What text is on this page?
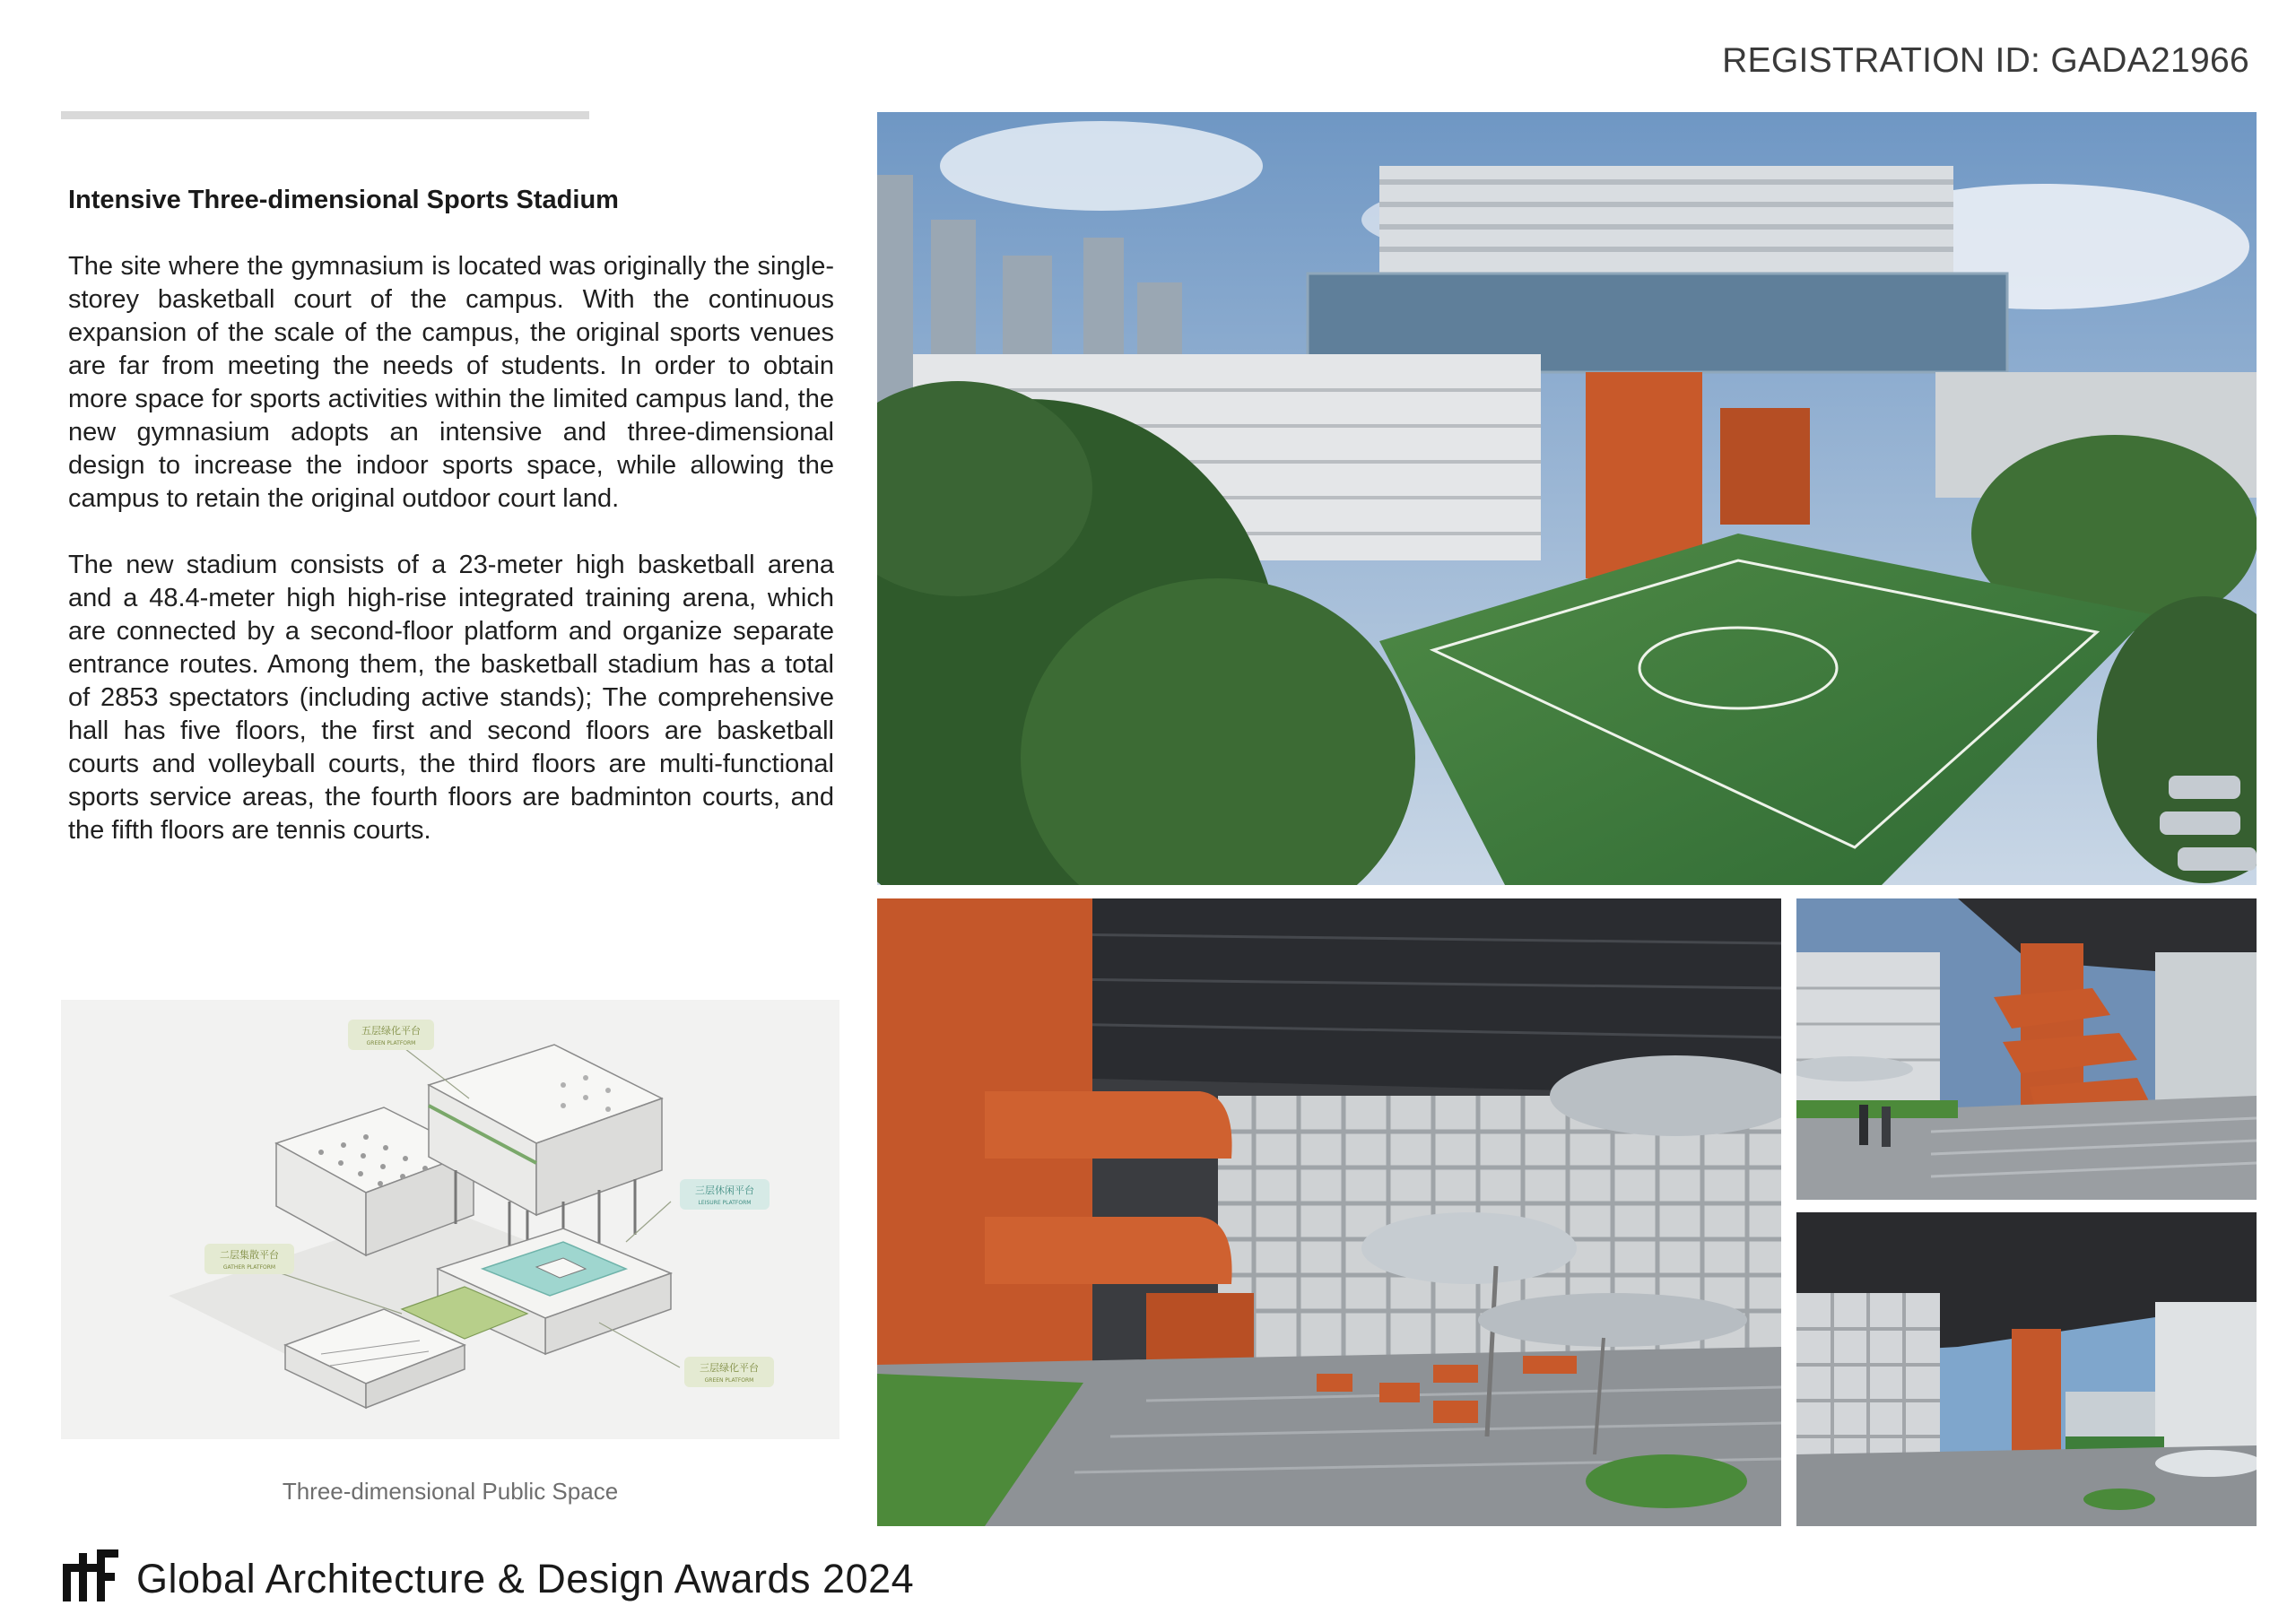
REGISTRATION ID: GADA21966
Intensive Three-dimensional Sports Stadium

The site where the gymnasium is located was originally the single-storey basketball court of the campus. With the continuous expansion of the scale of the campus, the original sports venues are far from meeting the needs of students. In order to obtain more space for sports activities within the limited campus land, the new gymnasium adopts an intensive and three-dimensional design to increase the indoor sports space, while allowing the campus to retain the original outdoor court land.

The new stadium consists of a 23-meter high basketball arena and a 48.4-meter high high-rise integrated training arena, which are connected by a second-floor platform and organize separate entrance routes. Among them, the basketball stadium has a total of 2853 spectators (including active stands); The comprehensive hall has five floors, the first and second floors are basketball courts and volleyball courts, the third floors are multi-functional sports service areas, the fourth floors are badminton courts, and the fifth floors are tennis courts.

五层绿化平台
GREEN PLATFORM
三层休闲平台
LEISURE PLATFORM
二层集散平台
GATHER PLATFORM
三层绿化平台
GREEN PLATFORM
Three-dimensional Public Space
Global Architecture & Design Awards 2024
